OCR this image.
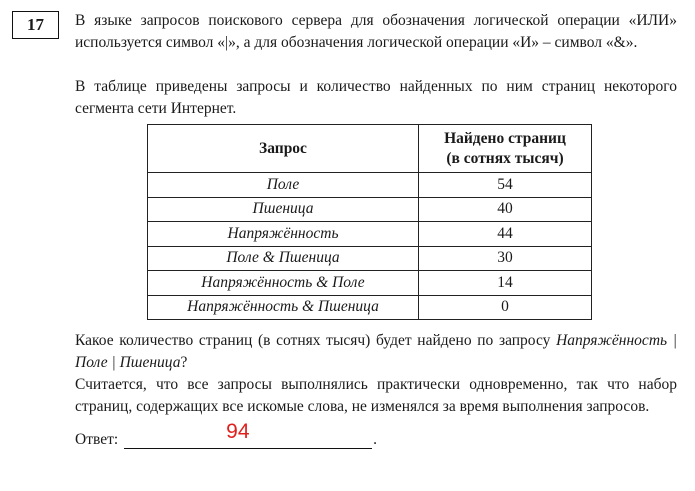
17	В языке запросов поискового сервера для обозначения логической операции «ИЛИ» используется символ «|», а для обозначения логической операции «И» – символ «&».

В таблице приведены запросы и количество найденных по ним страниц некоторого сегмента сети Интернет.

Запрос	Найдено страниц
(в сотнях тысяч)
Поле	54
Пшеница	40
Напряжённость	44
Поле & Пшеница	30
Напряжённость & Поле	14
Напряжённость & Пшеница	0

Какое количество страниц (в сотнях тысяч) будет найдено по запросу Напряжённость | Поле | Пшеница?

Считается, что все запросы выполнялись практически одновременно, так что набор страниц, содержащих все искомые слова, не изменялся за время выполнения запросов.

Ответ:	94	.
